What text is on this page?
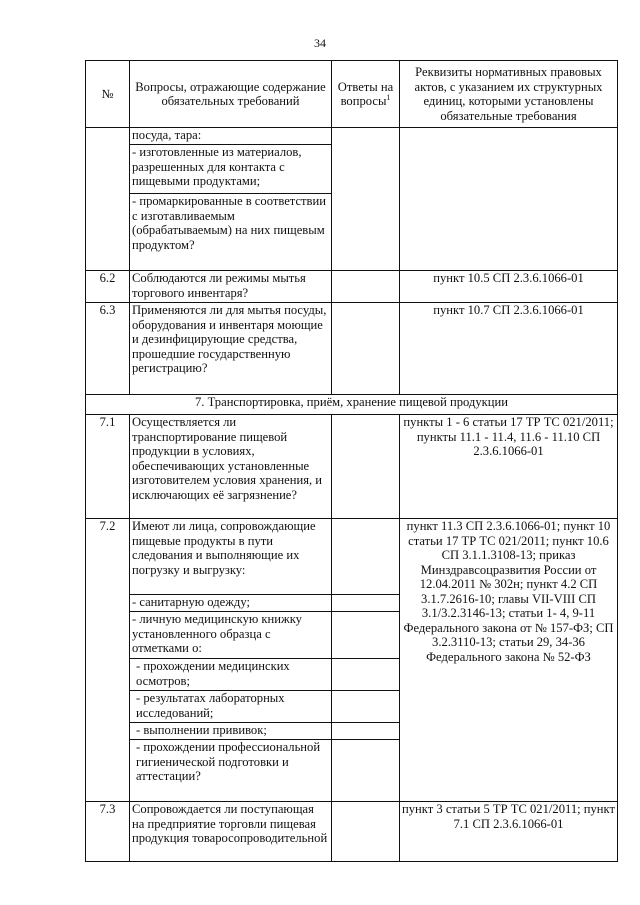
34
№	Вопросы, отражающие содержание обязательных требований	Ответы на вопросы$^1$	Реквизиты нормативных правовых актов, с указанием их структурных единиц, которыми установлены обязательные требования
	посуда, тара:		
	- изготовленные из материалов, разрешенных для контакта с пищевыми продуктами;		
	- промаркированные в соответствии с изготавливаемым (обрабатываемым) на них пищевым продуктом?		
6.2	Соблюдаются ли режимы мытья торгового инвентаря?		пункт 10.5 СП 2.3.6.1066-01
6.3	Применяются ли для мытья посуды, оборудования и инвентаря моющие и дезинфицирующие средства, прошедшие государственную регистрацию?		пункт 10.7 СП 2.3.6.1066-01
7. Транспортировка, приём, хранение пищевой продукции			
7.1	Осуществляется ли транспортирование пищевой продукции в условиях, обеспечивающих установленные изготовителем условия хранения, и исключающих её загрязнение?		пункты 1 - 6 статьи 17 ТР ТС 021/2011; пункты 11.1 - 11.4, 11.6 - 11.10 СП 2.3.6.1066-01
7.2	Имеют ли лица, сопровождающие пищевые продукты в пути следования и выполняющие их погрузку и выгрузку:		пункт 11.3 СП 2.3.6.1066-01; пункт 10 статьи 17 ТР ТС 021/2011; пункт 10.6 СП 3.1.1.3108-13; приказ Минздравсоцразвития России от 12.04.2011 № 302н; пункт 4.2 СП 3.1.7.2616-10; главы VII-VIII СП 3.1/3.2.3146-13; статьи 1- 4, 9-11 Федерального закона от № 157-ФЗ; СП 3.2.3110-13; статьи 29, 34-36 Федерального закона № 52-ФЗ
	- санитарную одежду;		
	- личную медицинскую книжку установленного образца с отметками о:		
	- прохождении медицинских осмотров;		
	- результатах лабораторных исследований;		
	- выполнении прививок;		
	- прохождении профессиональной гигиенической подготовки и аттестации?		
7.3	Сопровождается ли поступающая на предприятие торговли пищевая продукция товаросопроводительной		пункт 3 статьи 5 ТР ТС 021/2011; пункт 7.1 СП 2.3.6.1066-01
